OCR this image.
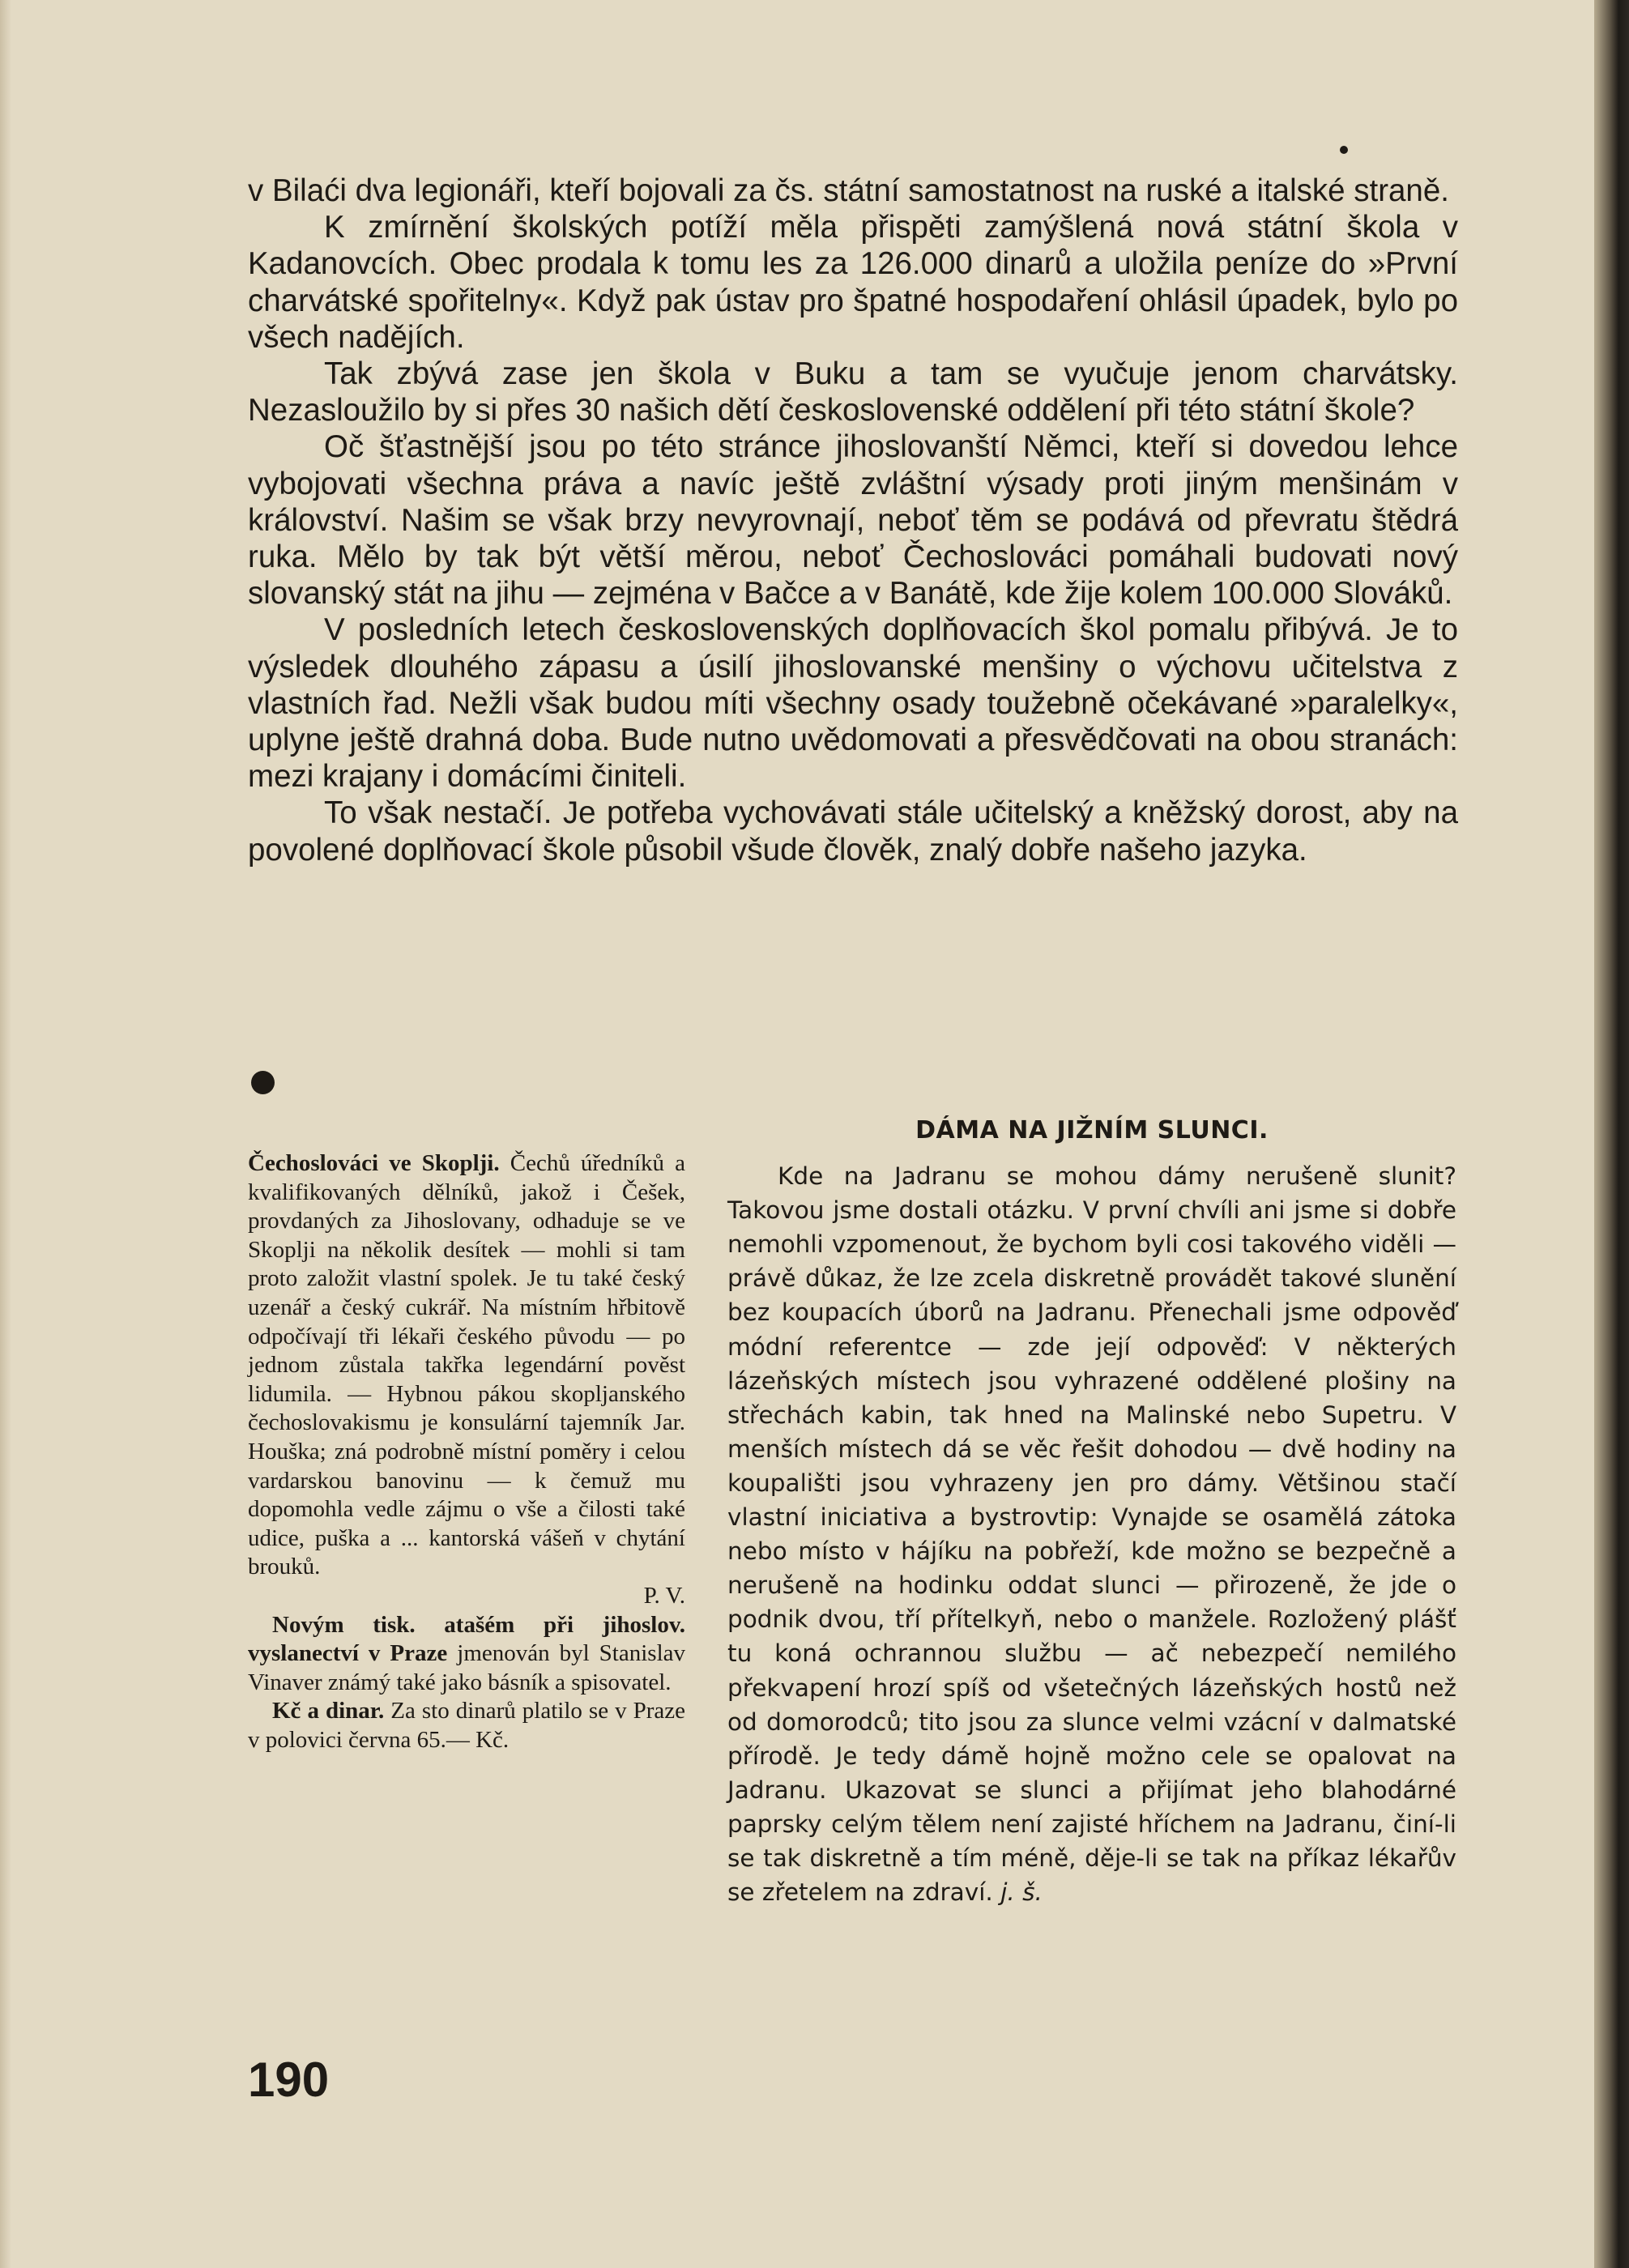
v Bilaći dva legionáři, kteří bojovali za čs. státní samostatnost na ruské a italské straně.

K zmírnění školských potíží měla přispěti zamýšlená nová státní škola v Kadanovcích. Obec prodala k tomu les za 126.000 dinarů a uložila peníze do »První charvátské spořitelny«. Když pak ústav pro špatné hospodaření ohlásil úpadek, bylo po všech nadějích.

Tak zbývá zase jen škola v Buku a tam se vyučuje jenom charvátsky. Nezasloužilo by si přes 30 našich dětí československé oddělení při této státní škole?

Oč šťastnější jsou po této stránce jihoslovanští Němci, kteří si dovedou lehce vybojovati všechna práva a navíc ještě zvláštní výsady proti jiným menšinám v království. Našim se však brzy nevyrovnají, neboť těm se podává od převratu štědrá ruka. Mělo by tak být větší měrou, neboť Čechoslováci pomáhali budovati nový slovanský stát na jihu — zejména v Bačce a v Banátě, kde žije kolem 100.000 Slováků.

V posledních letech československých doplňovacích škol pomalu přibývá. Je to výsledek dlouhého zápasu a úsilí jihoslovanské menšiny o výchovu učitelstva z vlastních řad. Nežli však budou míti všechny osady toužebně očekávané »paralelky«, uplyne ještě drahná doba. Bude nutno uvědomovati a přesvědčovati na obou stranách: mezi krajany i domácími činiteli.

To však nestačí. Je potřeba vychovávati stále učitelský a kněžský dorost, aby na povolené doplňovací škole působil všude člověk, znalý dobře našeho jazyka.

Čechoslováci ve Skoplji. Čechů úředníků a kvalifikovaných dělníků, jakož i Češek, provdaných za Jihoslovany, odhaduje se ve Skoplji na několik desítek — mohli si tam proto založit vlastní spolek. Je tu také český uzenář a český cukrář. Na místním hřbitově odpočívají tři lékaři českého původu — po jednom zůstala takřka legendární pověst lidumila. — Hybnou pákou skopljanského čechoslovakismu je konsulární tajemník Jar. Houška; zná podrobně místní poměry i celou vardarskou banovinu — k čemuž mu dopomohla vedle zájmu o vše a čilosti také udice, puška a ... kantorská vášeň v chytání brouků.
P. V.

Novým tisk. atašém při jihoslov. vyslanectví v Praze jmenován byl Stanislav Vinaver známý také jako básník a spisovatel.

Kč a dinar. Za sto dinarů platilo se v Praze v polovici června 65.— Kč.

DÁMA NA JIŽNÍM SLUNCI.

Kde na Jadranu se mohou dámy nerušeně slunit? Takovou jsme dostali otázku. V první chvíli ani jsme si dobře nemohli vzpomenout, že bychom byli cosi takového viděli — právě důkaz, že lze zcela diskretně provádět takové slunění bez koupacích úborů na Jadranu. Přenechali jsme odpověď módní referentce — zde její odpověď: V některých lázeňských místech jsou vyhrazené oddělené plošiny na střechách kabin, tak hned na Malinské nebo Supetru. V menších místech dá se věc řešit dohodou — dvě hodiny na koupališti jsou vyhrazeny jen pro dámy. Většinou stačí vlastní iniciativa a bystrovtip: Vynajde se osamělá zátoka nebo místo v hájíku na pobřeží, kde možno se bezpečně a nerušeně na hodinku oddat slunci — přirozeně, že jde o podnik dvou, tří přítelkyň, nebo o manžele. Rozložený plášť tu koná ochrannou službu — ač nebezpečí nemilého překvapení hrozí spíš od všetečných lázeňských hostů než od domorodců; tito jsou za slunce velmi vzácní v dalmatské přírodě. Je tedy dámě hojně možno cele se opalovat na Jadranu. Ukazovat se slunci a přijímat jeho blahodárné paprsky celým tělem není zajisté hříchem na Jadranu, činí-li se tak diskretně a tím méně, děje-li se tak na příkaz lékařův se zřetelem na zdraví. j. š.

190
